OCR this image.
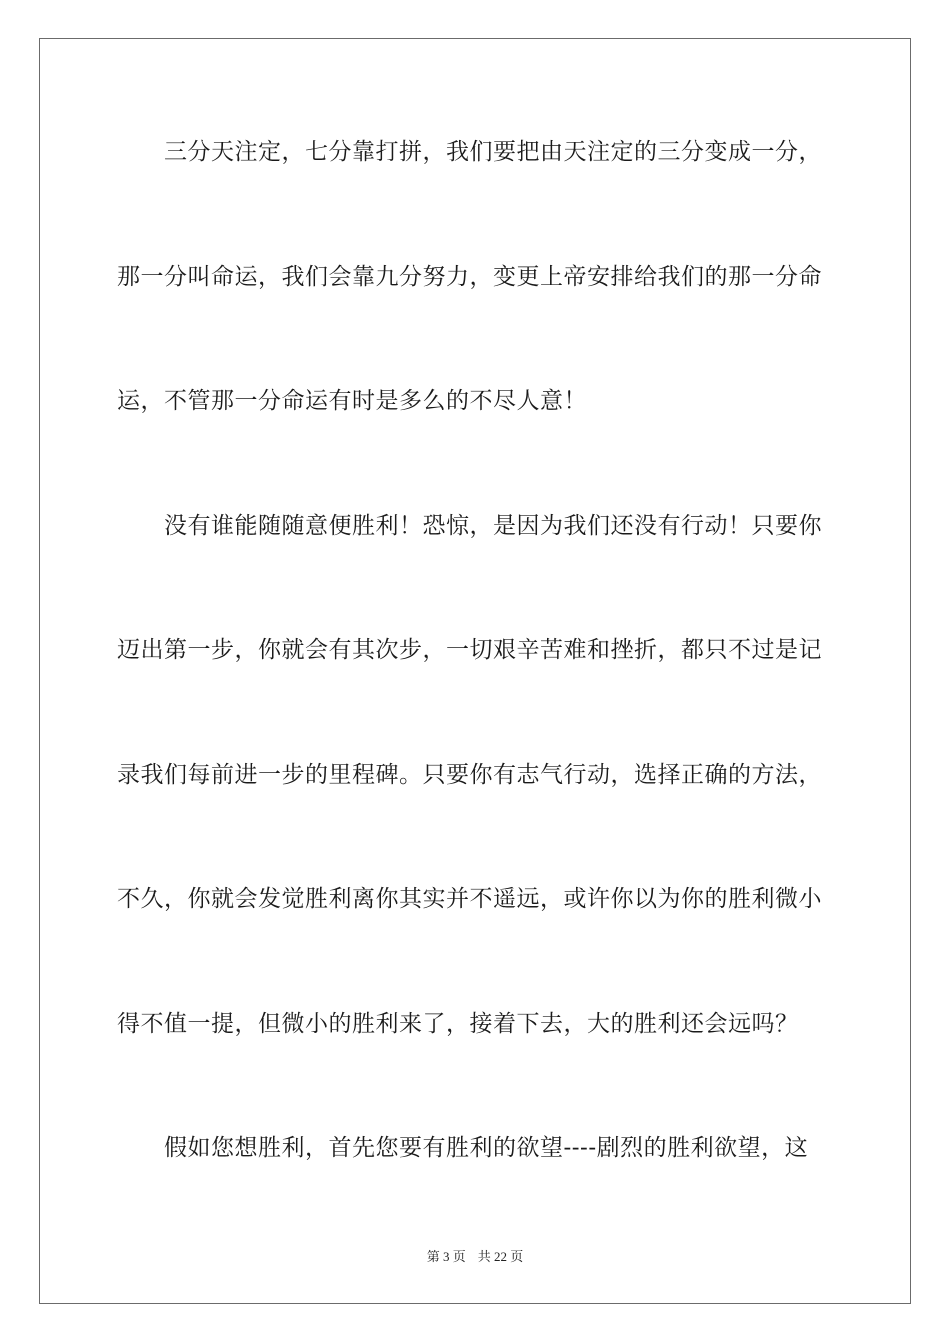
三分天注定，七分靠打拼，我们要把由天注定的三分变成一分，
那一分叫命运，我们会靠九分努力，变更上帝安排给我们的那一分命
运，不管那一分命运有时是多么的不尽人意！
没有谁能随随意便胜利！恐惊，是因为我们还没有行动！只要你
迈出第一步，你就会有其次步，一切艰辛苦难和挫折，都只不过是记
录我们每前进一步的里程碑。只要你有志气行动，选择正确的方法，
不久，你就会发觉胜利离你其实并不遥远，或许你以为你的胜利微小
得不值一提，但微小的胜利来了，接着下去，大的胜利还会远吗？
假如您想胜利，首先您要有胜利的欲望----剧烈的胜利欲望，这
第 3 页 共 22 页
